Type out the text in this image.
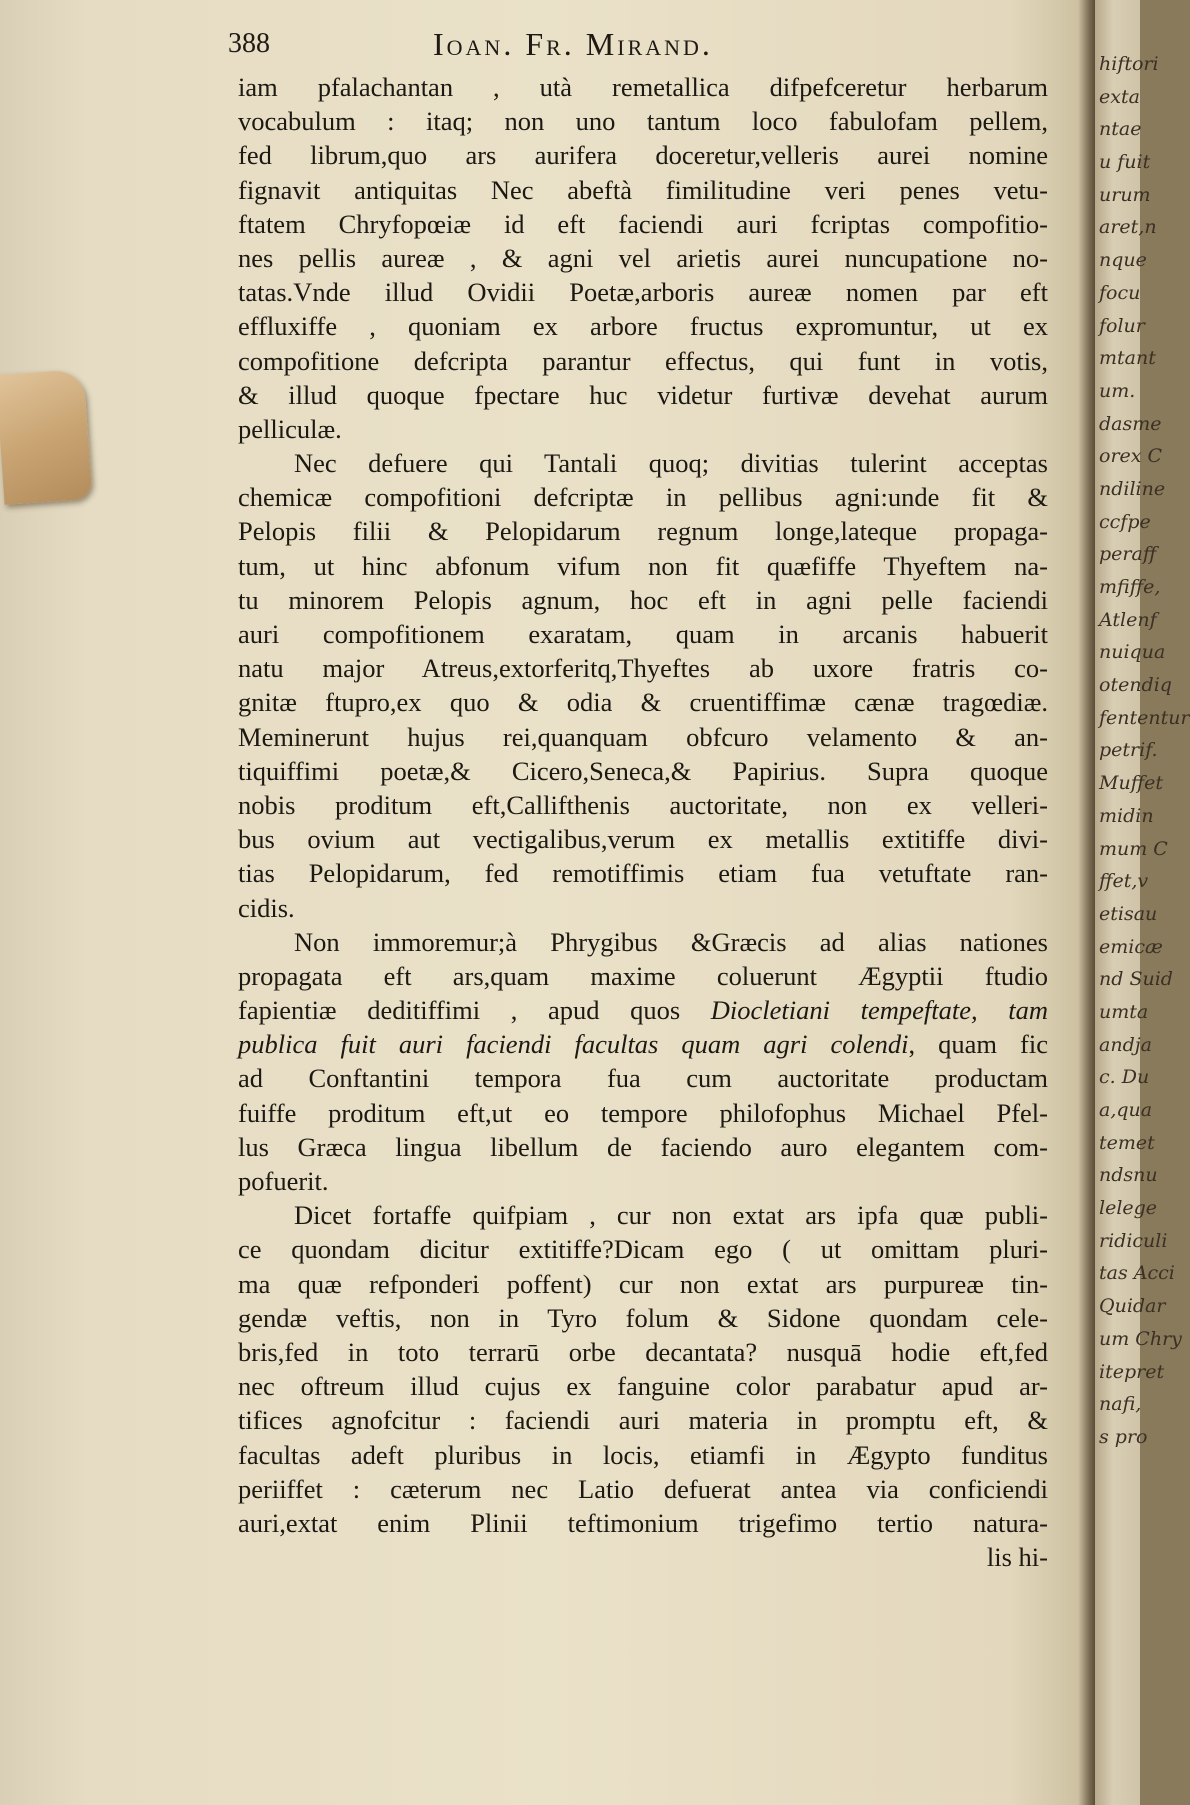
388	Ioan. Fr. Mirand.
iam pfalachantan , utà remetallica difpefceretur herbarum
vocabulum : itaq; non uno tantum loco fabulofam pellem,
fed librum,quo ars aurifera doceretur,velleris aurei nomine
fignavit antiquitas Nec abeftà fimilitudine veri penes vetu-
ftatem Chryfopœiæ id eft faciendi auri fcriptas compofitio-
nes pellis aureæ , & agni vel arietis aurei nuncupatione no-
tatas.Vnde illud Ovidii Poetæ,arboris aureæ nomen par eft
effluxiffe , quoniam ex arbore fructus expromuntur, ut ex
compofitione defcripta parantur effectus, qui funt in votis,
& illud quoque fpectare huc videtur furtivæ devehat aurum
pelliculæ.
Nec defuere qui Tantali quoq; divitias tulerint acceptas
chemicæ compofitioni defcriptæ in pellibus agni:unde fit &
Pelopis filii & Pelopidarum regnum longe,lateque propaga-
tum, ut hinc abfonum vifum non fit quæfiffe Thyeftem na-
tu minorem Pelopis agnum, hoc eft in agni pelle faciendi
auri compofitionem exaratam, quam in arcanis habuerit
natu major Atreus,extorferitq,Thyeftes ab uxore fratris co-
gnitæ ftupro,ex quo & odia & cruentiffimæ cænæ tragœdiæ.
Meminerunt hujus rei,quanquam obfcuro velamento & an-
tiquiffimi poetæ,& Cicero,Seneca,& Papirius. Supra quoque
nobis proditum eft,Callifthenis auctoritate, non ex velleri-
bus ovium aut vectigalibus,verum ex metallis extitiffe divi-
tias Pelopidarum, fed remotiffimis etiam fua vetuftate ran-
cidis.
Non immoremur;à Phrygibus &Græcis ad alias nationes
propagata eft ars,quam maxime coluerunt Ægyptii ftudio
fapientiæ deditiffimi , apud quos Diocletiani tempeftate, tam
publica fuit auri faciendi facultas quam agri colendi, quam fic
ad Conftantini tempora fua cum auctoritate productam
fuiffe proditum eft,ut eo tempore philofophus Michael Pfel-
lus Græca lingua libellum de faciendo auro elegantem com-
pofuerit.
Dicet fortaffe quifpiam , cur non extat ars ipfa quæ publi-
ce quondam dicitur extitiffe?Dicam ego ( ut omittam pluri-
ma quæ refponderi poffent) cur non extat ars purpureæ tin-
gendæ veftis, non in Tyro folum & Sidone quondam cele-
bris,fed in toto terrarū orbe decantata? nusquā hodie eft,fed
nec oftreum illud cujus ex fanguine color parabatur apud ar-
tifices agnofcitur : faciendi auri materia in promptu eft, &
facultas adeft pluribus in locis, etiamfi in Ægypto funditus
periiffet : cæterum nec Latio defuerat antea via conficiendi
auri,extat enim Plinii teftimonium trigefimo tertio natura-
lis hi-
hiftori
exta
ntae
u fuit
urum
aret,n
nque
focu
folur
mtant
um.
dasme
orex C
ndiline
ccfpe
peraff
mfiffe,
Atlenf
nuiqua
otendiq
fententur
petrif.
Muffet
midin
mum C
ffet,v
etisau
emicæ
nd Suid
umta
andja
c. Du
a,qua
temet
ndsnu
lelege
ridiculi
tas Acci
Quidar
um Chry
itepret
nafi,
s pro
